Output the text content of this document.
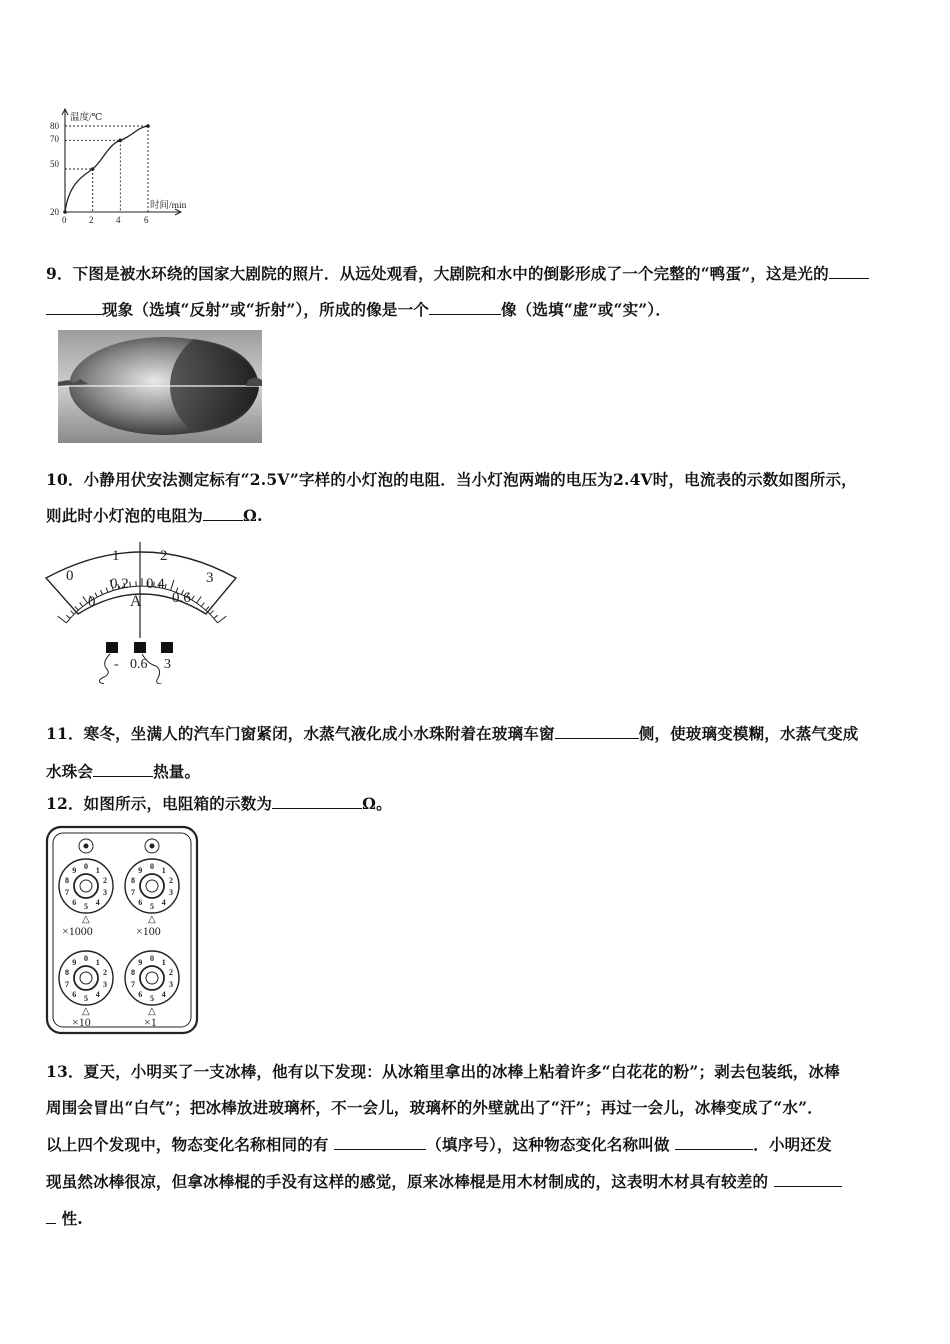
温度/℃
时间/min
80
70
50
20
0	2	4	6
9．下图是被水环绕的国家大剧院的照片．从远处观看，大剧院和水中的倒影形成了一个完整的“鸭蛋”，这是光的
现象（选填“反射”或“折射”），所成的像是一个	像（选填“虚”或“实”）．
10．小静用伏安法测定标有“2.5V”字样的小灯泡的电阻．当小灯泡两端的电压为2.4V时，电流表的示数如图所示，
则此时小灯泡的电阻为	Ω.
0
1	2
3
0
0.2 0.4
0.6
A
- 0.6 3
11．寒冬，坐满人的汽车门窗紧闭，水蒸气液化成小水珠附着在玻璃车窗	侧，使玻璃变模糊，水蒸气变成
水珠会	热量。
12．如图所示，电阻箱的示数为	Ω。
0 1
2
3
4
5
6
7
8
9	0 1
2
3
4
5
6
7
8
9
0 1
2
3
4
5
6
7
8
9	0 1
2
3
4
5
6
7
8
9
△	△
△	△
×1000	×100
×10	×1
13．夏天，小明买了一支冰棒，他有以下发现：从冰箱里拿出的冰棒上粘着许多“白花花的粉”；剥去包装纸，冰棒
周围会冒出“白气”；把冰棒放进玻璃杯，不一会儿，玻璃杯的外壁就出了“汗”；再过一会儿，冰棒变成了“水”．
以上四个发现中，物态变化名称相同的有	（填序号），这种物态变化名称叫做	．小明还发
现虽然冰棒很凉，但拿冰棒棍的手没有这样的感觉，原来冰棒棍是用木材制成的，这表明木材具有较差的
性.
